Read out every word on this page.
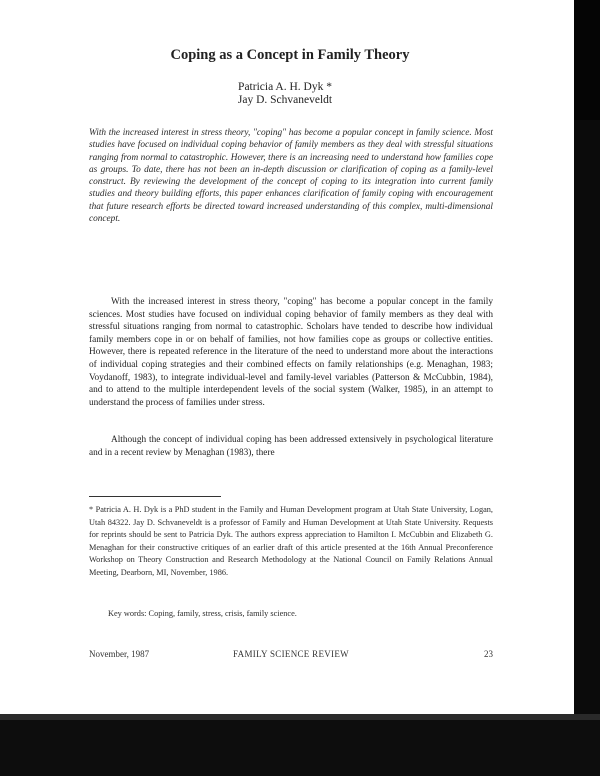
Coping as a Concept in Family Theory
Patricia A. H. Dyk *
Jay D. Schvaneveldt
With the increased interest in stress theory, "coping" has become a popular concept in family science. Most studies have focused on individual coping behavior of family members as they deal with stressful situations ranging from normal to catastrophic. However, there is an increasing need to understand how families cope as groups. To date, there has not been an in-depth discussion or clarification of coping as a family-level construct. By reviewing the development of the concept of coping to its integration into current family studies and theory building efforts, this paper enhances clarification of family coping with encouragement that future research efforts be directed toward increased understanding of this complex, multi-dimensional concept.
With the increased interest in stress theory, "coping" has become a popular concept in the family sciences. Most studies have focused on individual coping behavior of family members as they deal with stressful situations ranging from normal to catastrophic. Scholars have tended to describe how individual family members cope in or on behalf of families, not how families cope as groups or collective entities. However, there is repeated reference in the literature of the need to understand more about the interactions of individual coping strategies and their combined effects on family relationships (e.g. Menaghan, 1983; Voydanoff, 1983), to integrate individual-level and family-level variables (Patterson & McCubbin, 1984), and to attend to the multiple interdependent levels of the social system (Walker, 1985), in an attempt to understand the process of families under stress.
Although the concept of individual coping has been addressed extensively in psychological literature and in a recent review by Menaghan (1983), there
* Patricia A. H. Dyk is a PhD student in the Family and Human Development program at Utah State University, Logan, Utah 84322. Jay D. Schvaneveldt is a professor of Family and Human Development at Utah State University. Requests for reprints should be sent to Patricia Dyk. The authors express appreciation to Hamilton I. McCubbin and Elizabeth G. Menaghan for their constructive critiques of an earlier draft of this article presented at the 16th Annual Preconference Workshop on Theory Construction and Research Methodology at the National Council on Family Relations Annual Meeting, Dearborn, MI, November, 1986.
Key words: Coping, family, stress, crisis, family science.
FAMILY SCIENCE REVIEW
November, 1987	23
